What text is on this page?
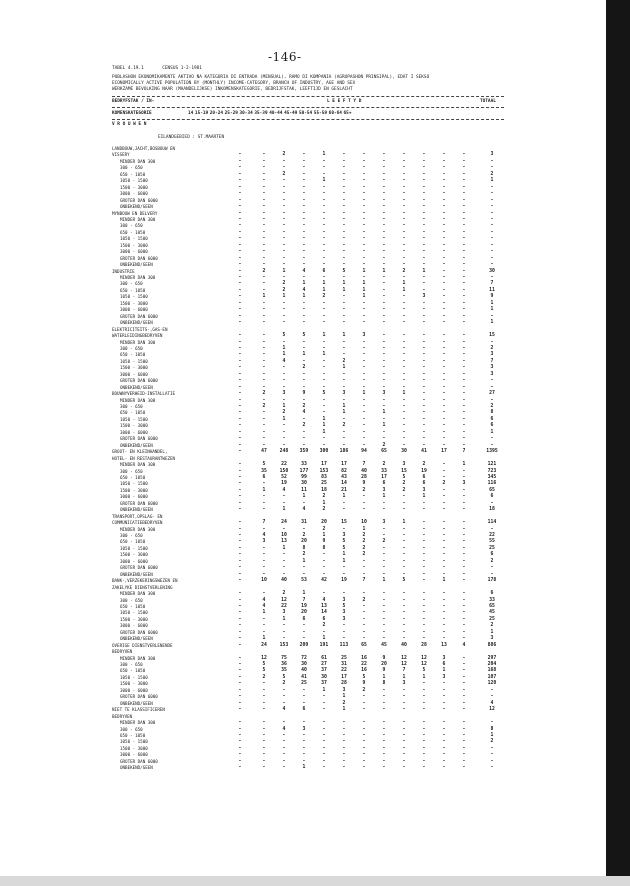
-146-
TABEL 4.19.1	CENSUS 1-2-1981
POBLASHON EKONOMIKAMENTE AKTIVO NA KATEGORIA DI ENTRADA (MENSUAL), RAMO DI KOMPANIA (AGRUPASHON PRINSIPAL), EDAT I SEKSO
ECONOMICALLY ACTIVE POPULATION BY (MONTHLY) INCOME-CATEGORY, BRANCH OF INDUSTRY, AGE AND SEX
WERKZAME BEVOLKING NAAR (MAANDELIJKSE) INKOMENSKATEGORIE, BEDRIJFSTAK, LEEFTIJD EN GESLACHT
BEDRYFSTAK / IN-	L E E F T Y D	TOTAAL
KOMENSKATEGORIE	14 15-19 20-24 25-29 30-34 35-39 40-44 45-49 50-54 55-59 60-64 65+
V R O U W E N
EILANDGEBIED : ST.MAARTEN
LANDBOUW,JACHT,BOSBOUW EN
VISSERY	-	-	2	-	1	-	-	-	-	-	-	-	3
MINDER DAN 300	-	-	-	-	-	-	-	-	-	-	-	-	-
300 - 650	-	-	-	-	-	-	-	-	-	-	-	-	-
650 - 1050	-	-	2	-	-	-	-	-	-	-	-	-	2
1050 - 1500	-	-	-	-	1	-	-	-	-	-	-	-	1
1500 - 3000	-	-	-	-	-	-	-	-	-	-	-	-	-
3000 - 6000	-	-	-	-	-	-	-	-	-	-	-	-	-
GROTER DAN 6000	-	-	-	-	-	-	-	-	-	-	-	-	-
ONBEKEND/GEEN	-	-	-	-	-	-	-	-	-	-	-	-	-
MYNBOUW EN DELVERY	-	-	-	-	-	-	-	-	-	-	-	-	-
MINDER DAN 300	-	-	-	-	-	-	-	-	-	-	-	-	-
300 - 650	-	-	-	-	-	-	-	-	-	-	-	-	-
650 - 1050	-	-	-	-	-	-	-	-	-	-	-	-	-
1050 - 1500	-	-	-	-	-	-	-	-	-	-	-	-	-
1500 - 3000	-	-	-	-	-	-	-	-	-	-	-	-	-
3000 - 6000	-	-	-	-	-	-	-	-	-	-	-	-	-
GROTER DAN 6000	-	-	-	-	-	-	-	-	-	-	-	-	-
ONBEKEND/GEEN	-	-	-	-	-	-	-	-	-	-	-	-	-
INDUSTRIE	-	2	1	4	6	5	1	1	2	1	-	-	30
MINDER DAN 300	-	-	-	-	-	-	-	-	-	-	-	-	-
300 - 650	-	-	2	1	1	1	1	-	1	-	-	-	7
650 - 1050	-	-	2	4	1	1	1	-	1	-	-	-	11
1050 - 1500	-	1	1	1	2	-	1	-	-	3	-	-	9
1500 - 3000	-	-	-	-	-	-	-	-	-	-	-	-	1
3000 - 6000	-	-	-	-	-	-	-	-	-	-	-	-	1
GROTER DAN 6000	-	-	-	-	-	-	-	-	-	-	-	-	-
ONBEKEND/GEEN	-	-	-	-	-	-	-	-	-	-	-	-	1
ELEKTRICITEITS-,GAS-EN
WATERLEIDINGBEDRYVEN	-	-	5	5	1	1	3	-	-	-	-	-	15
MINDER DAN 300	-	-	-	-	-	-	-	-	-	-	-	-	-
300 - 650	-	-	1	-	-	-	-	-	-	-	-	-	2
650 - 1050	-	-	1	1	1	-	-	-	-	-	-	-	3
1050 - 1500	-	-	4	-	-	2	-	-	-	-	-	-	7
1500 - 3000	-	-	-	2	-	1	-	-	-	-	-	-	3
3000 - 6000	-	-	-	-	-	-	-	-	-	-	-	-	3
GROTER DAN 6000	-	-	-	-	-	-	-	-	-	-	-	-	-
ONBEKEND/GEEN	-	-	-	-	-	-	-	-	-	-	-	-	-
BOUWNYVERHEID-INSTALLATIE	-	2	3	9	5	3	1	3	1	-	-	-	27
MINDER DAN 300	-	-	-	-	-	-	-	-	-	-	-	-	-
300 - 650	-	2	1	2	-	1	-	-	-	-	-	-	2
650 - 1050	-	-	2	4	-	1	-	1	-	-	-	-	8
1050 - 1500	-	-	1	-	1	-	-	-	-	-	-	-	6
1500 - 3000	-	-	-	2	1	2	-	1	-	-	-	-	6
3000 - 6000	-	-	-	-	1	-	-	-	-	-	-	-	1
GROTER DAN 6000	-	-	-	-	-	-	-	-	-	-	-	-	-
ONBEKEND/GEEN	-	-	-	-	-	-	-	2	-	-	-	-	-
GROOT- EN KLEINHANDEL,	-	47	248	359	300	186	94	65	30	41	17	7	1395
HOTEL- EN RESTAURANTWEZEN
MINDER DAN 300	-	5	22	33	17	17	7	2	3	2	-	1	121
300 - 650	-	35	150	177	153	82	40	33	15	19	-	-	723
650 - 1050	-	6	52	99	83	43	28	17	5	6	-	-	345
1050 - 1500	-	-	19	30	25	14	9	6	2	6	2	3	116
1500 - 3000	-	1	4	11	18	21	2	3	2	3	-	-	65
3000 - 6000	-	-	-	1	2	1	-	1	-	1	-	-	6
GROTER DAN 6000	-	-	-	-	1	-	-	-	-	-	-	-	-
ONBEKEND/GEEN	-	-	1	4	2	-	-	-	-	-	-	-	18
TRANSPORT,OPSLAG- EN
COMMUNICATIEBEDRYVEN	-	7	24	31	20	15	10	3	1	-	-	-	114
MINDER DAN 300	-	-	-	-	2	-	1	-	-	-	-	-	-
300 - 650	-	4	10	2	1	3	2	-	-	-	-	-	22
650 - 1050	-	3	13	20	9	5	2	2	-	-	-	-	55
1050 - 1500	-	-	1	8	8	5	2	-	-	-	-	-	25
1500 - 3000	-	-	-	2	-	1	2	-	-	-	-	-	6
3000 - 6000	-	-	-	1	-	1	-	-	-	-	-	-	2
GROTER DAN 6000	-	-	-	-	-	-	-	-	-	-	-	-	-
ONBEKEND/GEEN	-	-	-	-	-	-	-	-	-	-	-	-	-
BANK-,VERZEKERINGSWEZEN EN	-	10	40	53	42	19	7	1	5	-	1	-	178
ZAKELYKE DIENSTVERLENING
MINDER DAN 300	-	-	2	1	-	-	-	-	-	-	-	-	6
300 - 650	-	4	12	7	4	3	2	-	-	-	-	-	33
650 - 1050	-	4	22	19	13	5	-	-	-	-	-	-	65
1050 - 1500	-	1	3	20	14	3	-	-	-	-	-	-	45
1500 - 3000	-	-	1	6	6	3	-	-	-	-	-	-	25
3000 - 6000	-	-	-	-	2	-	-	-	-	-	-	-	2
GROTER DAN 6000	-	-	-	-	-	-	-	-	-	-	-	-	1
ONBEKEND/GEEN	-	1	-	-	1	-	-	-	-	-	-	-	3
OVERIGE DIENSTVERLENENDE	-	24	153	209	191	113	65	45	40	28	13	4	886
BEDRYVEN
MINDER DAN 300	-	12	75	72	61	25	16	9	12	12	3	-	297
300 - 650	-	5	36	30	27	31	22	20	12	12	6	-	204
650 - 1050	-	5	35	40	37	22	16	9	7	5	1	-	168
1050 - 1500	-	2	5	41	30	17	5	1	1	1	3	-	107
1500 - 3000	-	-	2	25	37	28	9	8	3	-	-	-	120
3000 - 6000	-	-	-	-	1	3	2	-	-	-	-	-	-
GROTER DAN 6000	-	-	-	-	-	1	-	-	-	-	-	-	-
ONBEKEND/GEEN	-	-	-	-	-	2	-	-	-	-	-	-	4
NIET TE KLASSIFICEREN	-	-	4	6	-	1	-	-	-	-	-	-	12
BEDRYVEN
MINDER DAN 300	-	-	-	-	-	-	-	-	-	-	-	-	-
300 - 650	-	-	4	3	-	-	-	-	-	-	-	-	8
650 - 1050	-	-	-	-	-	-	-	-	-	-	-	-	1
1050 - 1500	-	-	-	-	-	-	-	-	-	-	-	-	2
1500 - 3000	-	-	-	-	-	-	-	-	-	-	-	-	-
3000 - 6000	-	-	-	-	-	-	-	-	-	-	-	-	-
GROTER DAN 6000	-	-	-	-	-	-	-	-	-	-	-	-	-
ONBEKEND/GEEN	-	-	-	1	-	-	-	-	-	-	-	-	-
